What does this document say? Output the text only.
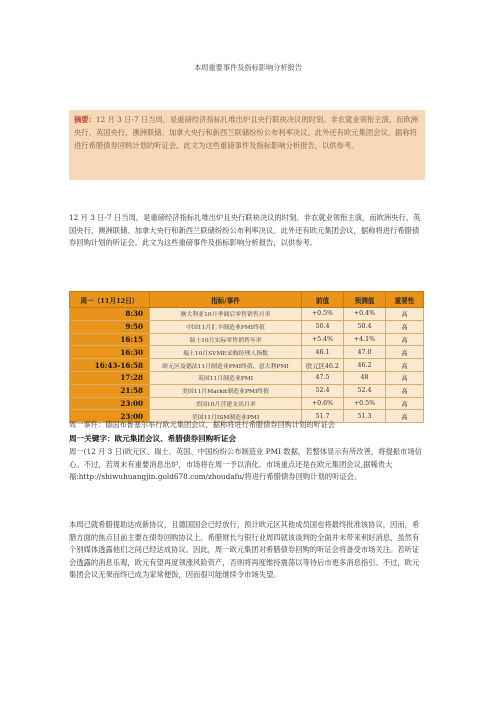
本周重要事件及指标影响分析报告
摘要：12 月 3 日-7 日当周，是重磅经济指标扎堆出炉且央行联袂决议的时刻。非农就业领衔主演，而欧洲央行、英国央行、澳洲联储、加拿大央行和新西兰联储纷纷公布利率决议。此外还有欧元集团会议，据称将进行希腊债券回购计划的听证会。此文为这些重磅事件及指标影响分析报告，以供参考。
12 月 3 日-7 日当周，是重磅经济指标扎堆出炉且央行联袂决议的时刻。非农就业领衔主演，而欧洲央行、英国央行、澳洲联储、加拿大央行和新西兰联储纷纷公布利率决议。此外还有欧元集团会议，据称将进行希腊债券回购计划的听证会。此文为这些重磅事件及指标影响分析报告，以供参考。
周一（11月12日）	指标/事件	前值	预测值	重要性
8:30	澳大利亚10月季调后零售销售月率	+0.5%	+0.4%	高
9:50	中国11月汇丰制造业PMI终值	50.4	50.4	高
16:15	瑞士10月实际零售销售年率	+5.4%	+4.1%	高
16:30	瑞士10月SVME采购经理人指数	46.1	47.0	高
16:43-16:58	欧元区及德法11月制造业PMI终值、意大利PMI	欧元区46.2	46.2	高
17:28	英国11月制造业PMI	47.5	48	高
21:58	美国11月Markit制造业PMI终值	52.4	52.4	高
23:00	美国10月营建支出月率	+0.6%	+0.5%	高
23:00	美国11月ISM制造业PMI	51.7	51.3	高
周一事件：德国布鲁塞尔举行欧元集团会议，据称将进行希腊债券回购计划的听证会
周一关键字：欧元集团会议、希腊债券回购听证会
周一(12 月 3 日)欧元区、瑞士、英国、中国纷纷公布制造业 PMI 数据，若整体显示有所改善，将提振市场信心。不过，若周末有重要消息出炉，市场将在周一予以消化。市场重点还是在欧元集团会议,据稀贵大福:http://shiwuhuangjin.gold678.com/zhoudafu/将进行希腊债券回购计划的听证会。
本周已就希腊提助达成新协议，且德国国会已经放行，预计欧元区其他成员国也将最终批准该协议，因而，希腊方面的焦点目前主要在债券回购协议上。希腊财长与银行业周四就该谈判的全面并未带来利好消息，虽然有个别媒体透露他们之间已经达成协议。因此，周一欧元集团对希腊债券回购的听证会将备受市场关注。若听证会透露的消息乐观，欧元有望再度领涨风险资产，否则将再度维持震荡以等待后市更多消息指引。不过，欧元集团会议无果而终已成为家常便饭，因而很可能继续令市场失望。
